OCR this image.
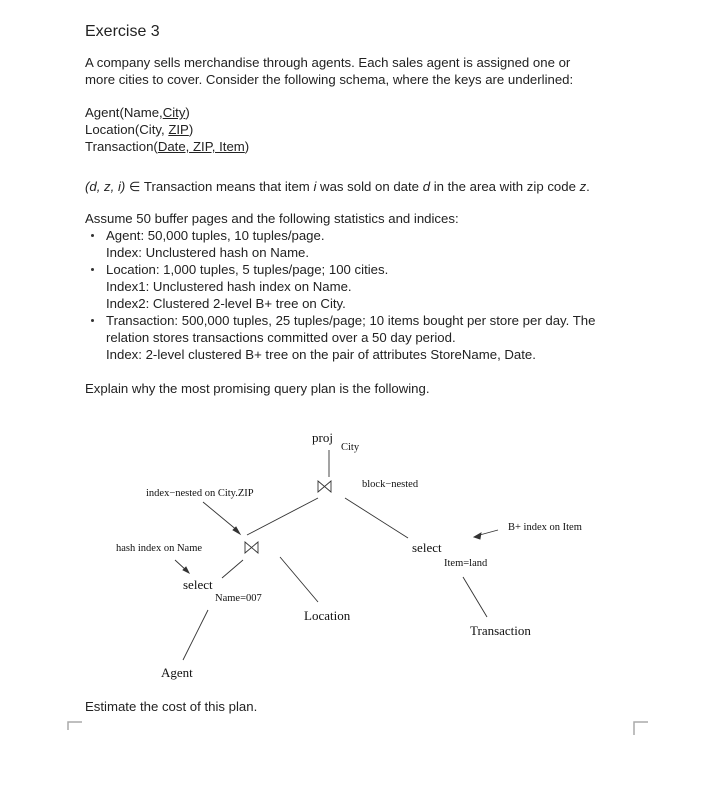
Exercise 3
A company sells merchandise through agents. Each sales agent is assigned one or
more cities to cover. Consider the following schema, where the keys are underlined:
Agent(Name,City)
Location(City, ZIP)
Transaction(Date, ZIP, Item)
(d, z, i) ∈ Transaction means that item i was sold on date d in the area with zip code z.
Assume 50 buffer pages and the following statistics and indices:
Agent: 50,000 tuples, 10 tuples/page.
Index: Unclustered hash on Name.
Location: 1,000 tuples, 5 tuples/page; 100 cities.
Index1: Unclustered hash index on Name.
Index2: Clustered 2-level B+ tree on City.
Transaction: 500,000 tuples, 25 tuples/page; 10 items bought per store per day. The
relation stores transactions committed over a 50 day period.
Index: 2-level clustered B+ tree on the pair of attributes StoreName, Date.
Explain why the most promising query plan is the following.
proj
City
block−nested
index−nested on City.ZIP
hash index on Name
select
Name=007
Location
Agent
select
Item=land
B+ index on Item
Transaction
Estimate the cost of this plan.
